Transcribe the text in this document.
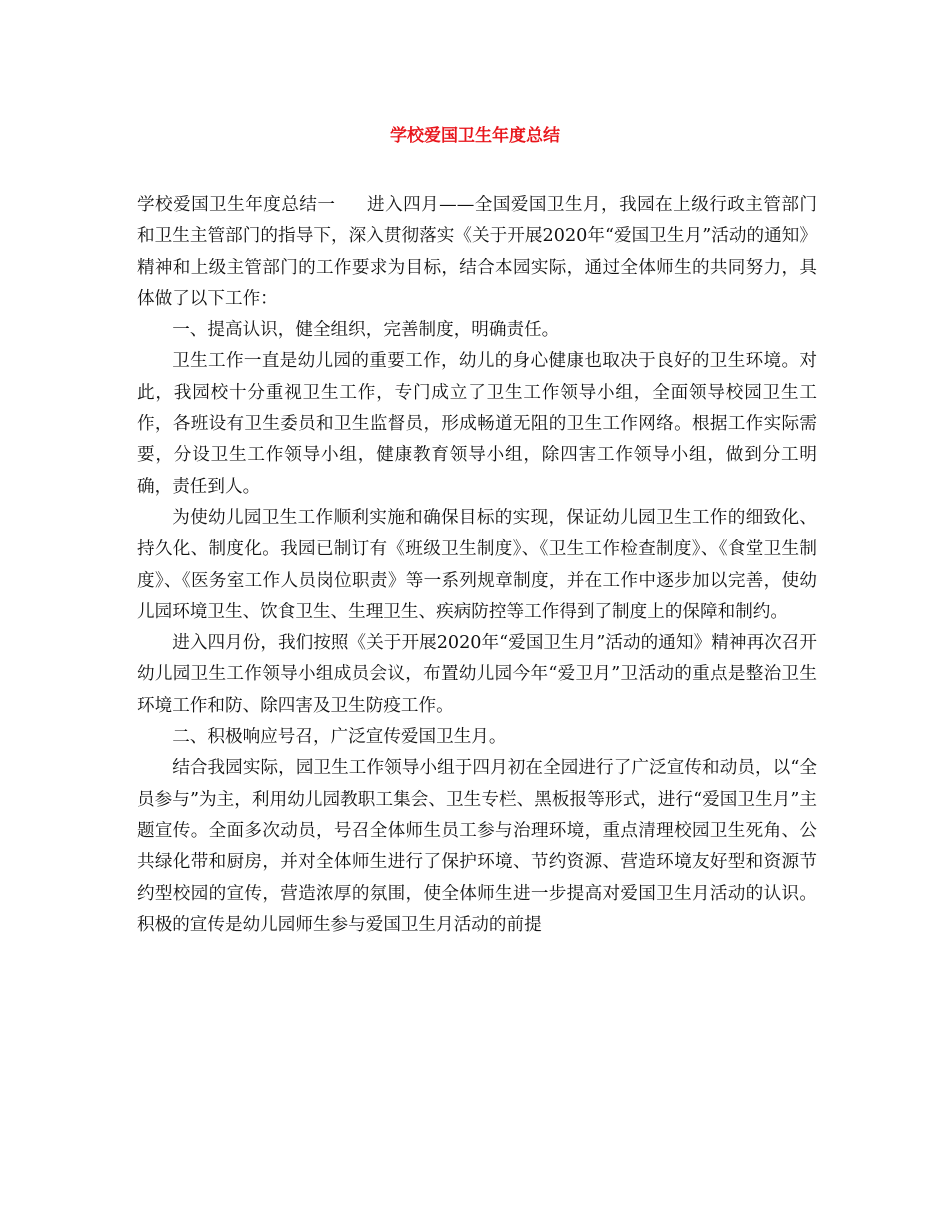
学校爱国卫生年度总结

学校爱国卫生年度总结一 进入四月——全国爱国卫生月，我园在上级行政主管部门和卫生主管部门的指导下，深入贯彻落实《关于开展2020年“爱国卫生月”活动的通知》精神和上级主管部门的工作要求为目标，结合本园实际，通过全体师生的共同努力，具体做了以下工作：

一、提高认识，健全组织，完善制度，明确责任。

卫生工作一直是幼儿园的重要工作，幼儿的身心健康也取决于良好的卫生环境。对此，我园校十分重视卫生工作，专门成立了卫生工作领导小组，全面领导校园卫生工作，各班设有卫生委员和卫生监督员，形成畅道无阻的卫生工作网络。根据工作实际需要，分设卫生工作领导小组，健康教育领导小组，除四害工作领导小组，做到分工明确，责任到人。

为使幼儿园卫生工作顺利实施和确保目标的实现，保证幼儿园卫生工作的细致化、持久化、制度化。我园已制订有《班级卫生制度》、《卫生工作检查制度》、《食堂卫生制度》、《医务室工作人员岗位职责》等一系列规章制度，并在工作中逐步加以完善，使幼儿园环境卫生、饮食卫生、生理卫生、疾病防控等工作得到了制度上的保障和制约。

进入四月份，我们按照《关于开展2020年“爱国卫生月”活动的通知》精神再次召开幼儿园卫生工作领导小组成员会议，布置幼儿园今年“爱卫月”卫活动的重点是整治卫生环境工作和防、除四害及卫生防疫工作。

二、积极响应号召，广泛宣传爱国卫生月。

结合我园实际，园卫生工作领导小组于四月初在全园进行了广泛宣传和动员，以“全员参与”为主，利用幼儿园教职工集会、卫生专栏、黑板报等形式，进行“爱国卫生月”主题宣传。全面多次动员，号召全体师生员工参与治理环境，重点清理校园卫生死角、公共绿化带和厨房，并对全体师生进行了保护环境、节约资源、营造环境友好型和资源节约型校园的宣传，营造浓厚的氛围，使全体师生进一步提高对爱国卫生月活动的认识。积极的宣传是幼儿园师生参与爱国卫生月活动的前提
